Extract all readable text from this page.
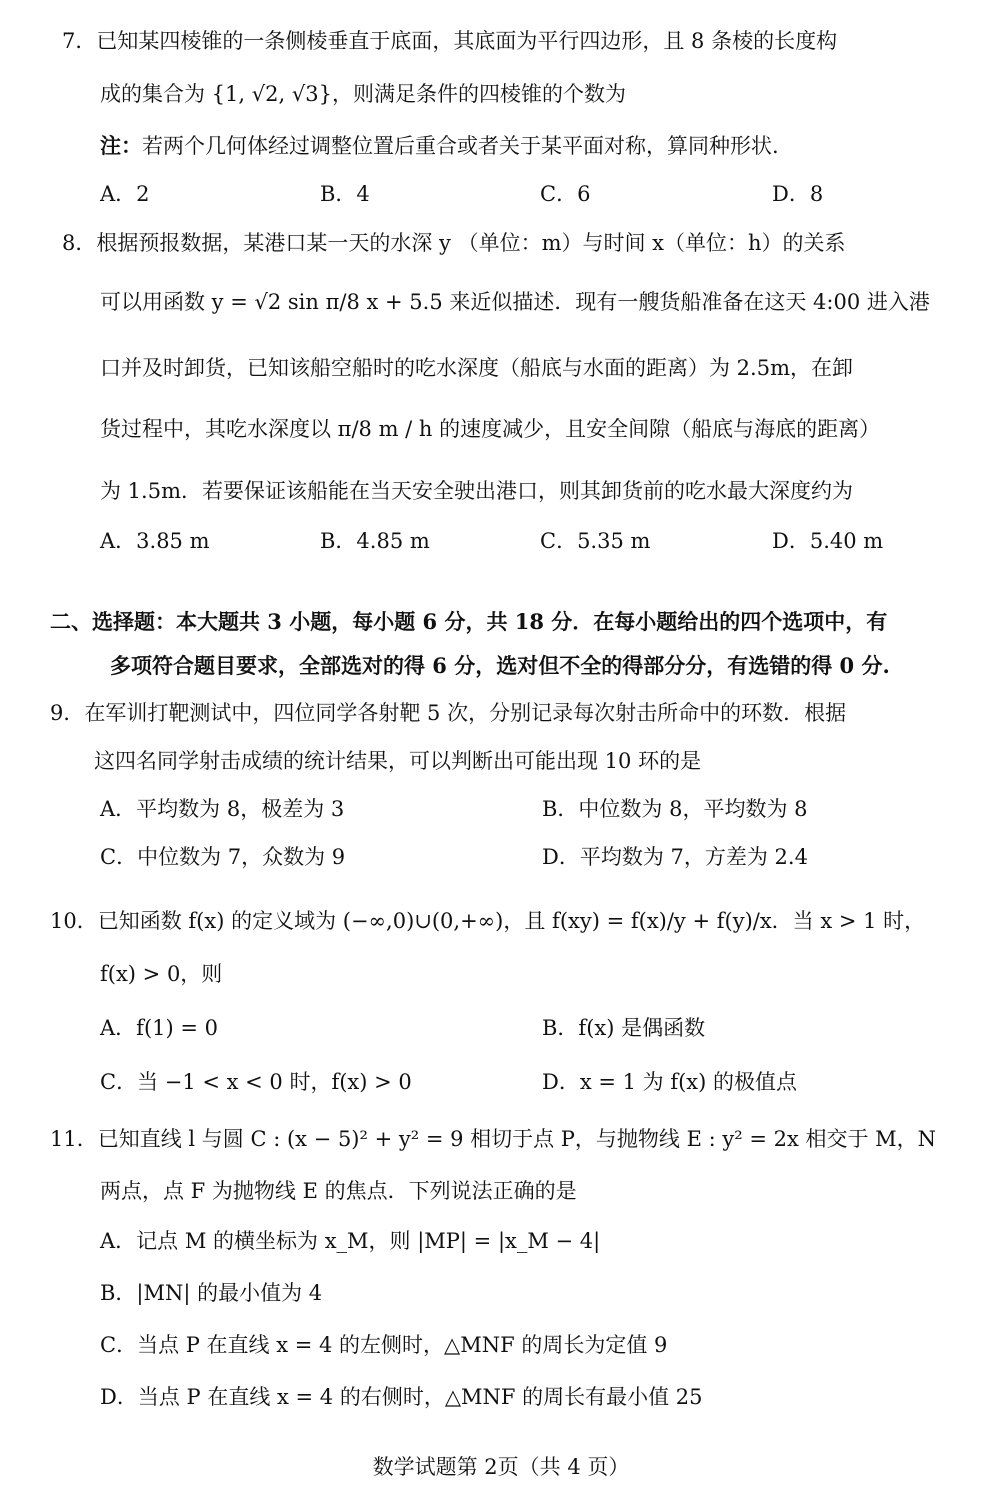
7．已知某四棱锥的一条侧棱垂直于底面，其底面为平行四边形，且 8 条棱的长度构
成的集合为 {1, √2, √3}，则满足条件的四棱锥的个数为
注：若两个几何体经过调整位置后重合或者关于某平面对称，算同种形状.
A．2	B．4	C．6	D．8
8．根据预报数据，某港口某一天的水深 y （单位：m）与时间 x（单位：h）的关系
可以用函数 y = √2 sin π/8 x + 5.5 来近似描述．现有一艘货船准备在这天 4:00 进入港
口并及时卸货，已知该船空船时的吃水深度（船底与水面的距离）为 2.5m，在卸
货过程中，其吃水深度以 π/8 m / h 的速度减少，且安全间隙（船底与海底的距离）
为 1.5m．若要保证该船能在当天安全驶出港口，则其卸货前的吃水最大深度约为
A．3.85 m	B．4.85 m	C．5.35 m	D．5.40 m
二、选择题：本大题共 3 小题，每小题 6 分，共 18 分．在每小题给出的四个选项中，有
多项符合题目要求，全部选对的得 6 分，选对但不全的得部分分，有选错的得 0 分.
9．在军训打靶测试中，四位同学各射靶 5 次，分别记录每次射击所命中的环数．根据
这四名同学射击成绩的统计结果，可以判断出可能出现 10 环的是
A．平均数为 8，极差为 3	B．中位数为 8，平均数为 8
C．中位数为 7，众数为 9	D．平均数为 7，方差为 2.4
10．已知函数 f(x) 的定义域为 (−∞,0)∪(0,+∞)，且 f(xy) = f(x)/y + f(y)/x．当 x > 1 时，
f(x) > 0，则
A．f(1) = 0	B．f(x) 是偶函数
C．当 −1 < x < 0 时，f(x) > 0	D．x = 1 为 f(x) 的极值点
11．已知直线 l 与圆 C : (x − 5)² + y² = 9 相切于点 P，与抛物线 E : y² = 2x 相交于 M，N
两点，点 F 为抛物线 E 的焦点．下列说法正确的是
A．记点 M 的横坐标为 x_M，则 |MP| = |x_M − 4|
B．|MN| 的最小值为 4
C．当点 P 在直线 x = 4 的左侧时，△MNF 的周长为定值 9
D．当点 P 在直线 x = 4 的右侧时，△MNF 的周长有最小值 25
数学试题第 2页（共 4 页）
